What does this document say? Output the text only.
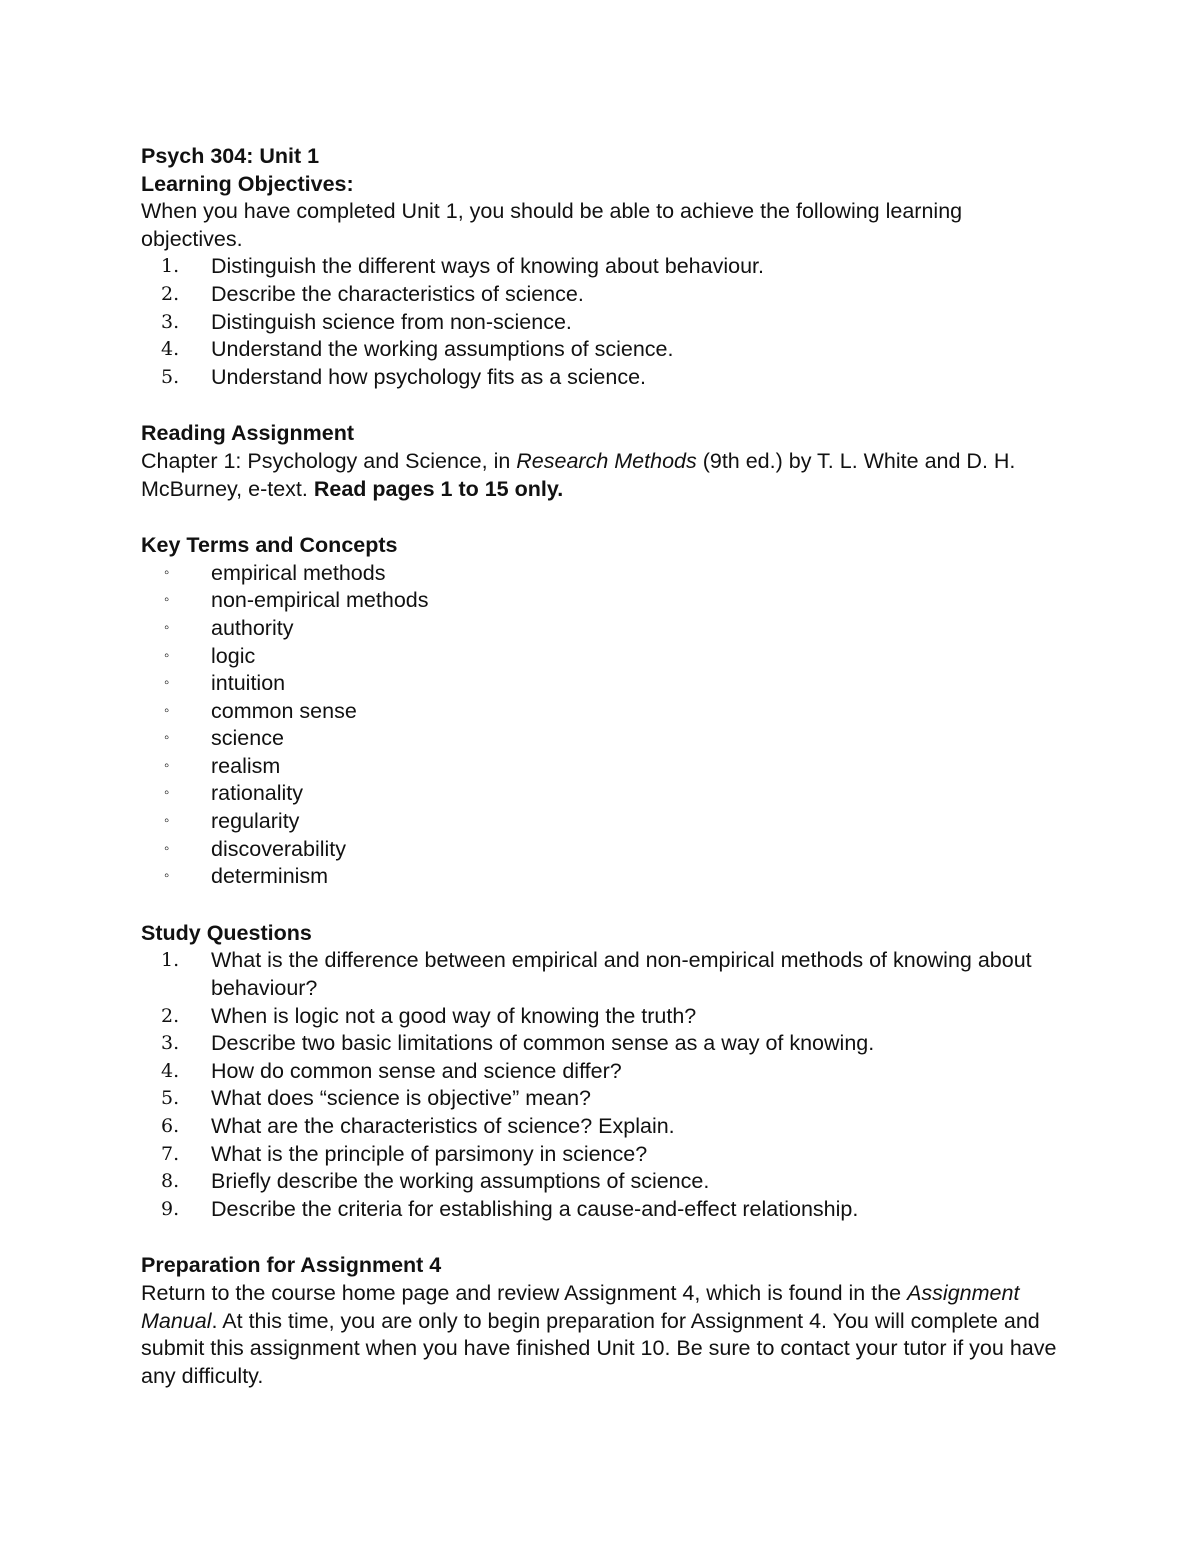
Psych 304: Unit 1

Learning Objectives:

When you have completed Unit 1, you should be able to achieve the following learning objectives.

1. Distinguish the different ways of knowing about behaviour.
2. Describe the characteristics of science.
3. Distinguish science from non-science.
4. Understand the working assumptions of science.
5. Understand how psychology fits as a science.

Reading Assignment

Chapter 1: Psychology and Science, in Research Methods (9th ed.) by T. L. White and D. H. McBurney, e-text. Read pages 1 to 15 only.

Key Terms and Concepts

◦ empirical methods
◦ non-empirical methods
◦ authority
◦ logic
◦ intuition
◦ common sense
◦ science
◦ realism
◦ rationality
◦ regularity
◦ discoverability
◦ determinism

Study Questions

1. What is the difference between empirical and non-empirical methods of knowing about behaviour?
2. When is logic not a good way of knowing the truth?
3. Describe two basic limitations of common sense as a way of knowing.
4. How do common sense and science differ?
5. What does “science is objective” mean?
6. What are the characteristics of science? Explain.
7. What is the principle of parsimony in science?
8. Briefly describe the working assumptions of science.
9. Describe the criteria for establishing a cause-and-effect relationship.

Preparation for Assignment 4

Return to the course home page and review Assignment 4, which is found in the Assignment Manual. At this time, you are only to begin preparation for Assignment 4. You will complete and submit this assignment when you have finished Unit 10. Be sure to contact your tutor if you have any difficulty.
